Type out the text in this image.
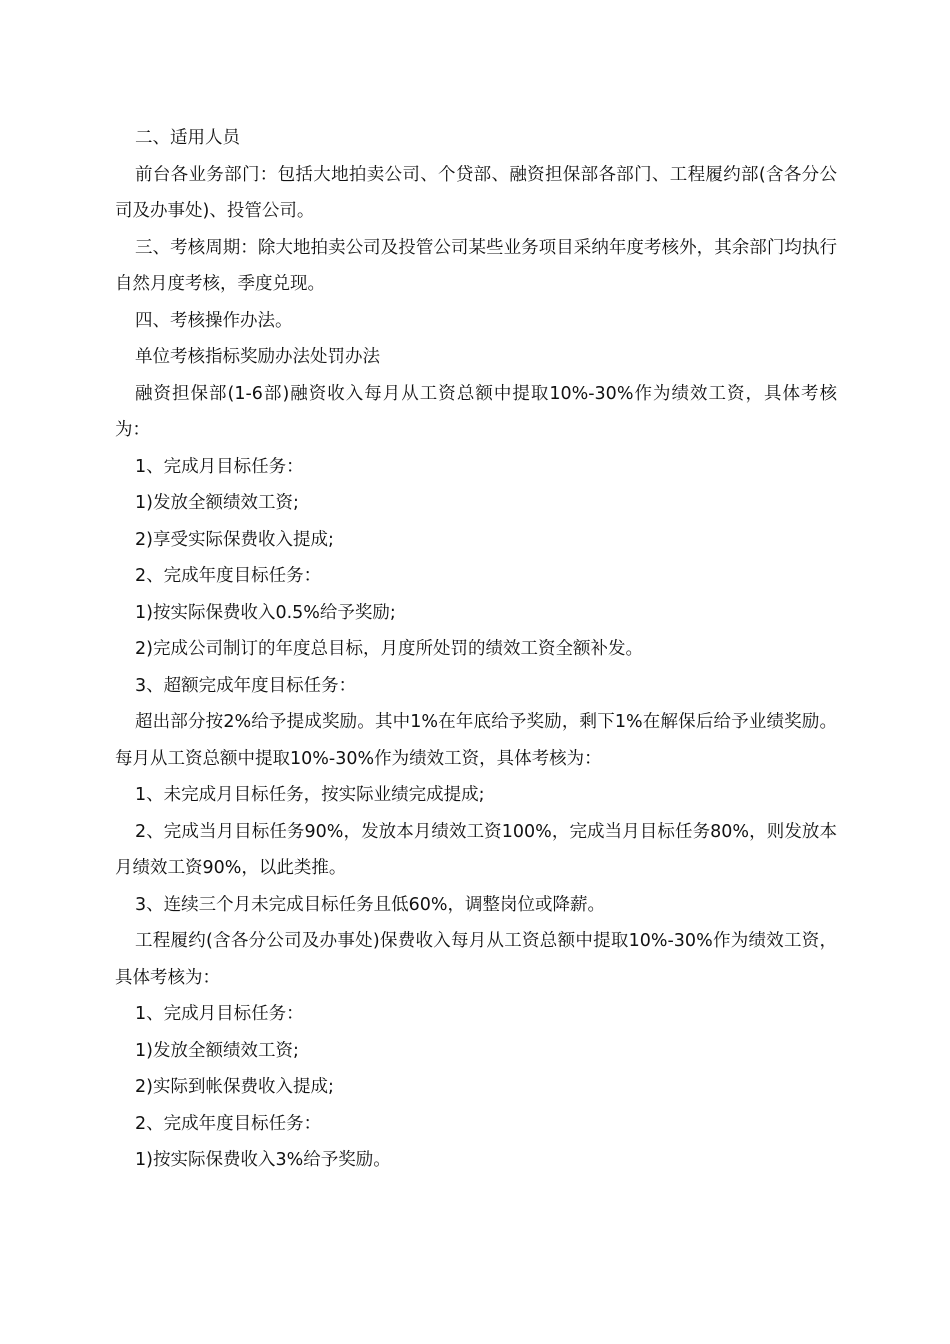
二、适用人员

前台各业务部门：包括大地拍卖公司、个贷部、融资担保部各部门、工程履约部(含各分公司及办事处)、投管公司。

三、考核周期：除大地拍卖公司及投管公司某些业务项目采纳年度考核外，其余部门均执行自然月度考核，季度兑现。

四、考核操作办法。

单位考核指标奖励办法处罚办法

融资担保部(1-6部)融资收入每月从工资总额中提取10%-30%作为绩效工资，具体考核为：

1、完成月目标任务：

1)发放全额绩效工资;

2)享受实际保费收入提成;

2、完成年度目标任务：

1)按实际保费收入0.5%给予奖励;

2)完成公司制订的年度总目标，月度所处罚的绩效工资全额补发。

3、超额完成年度目标任务：

超出部分按2%给予提成奖励。其中1%在年底给予奖励，剩下1%在解保后给予业绩奖励。每月从工资总额中提取10%-30%作为绩效工资，具体考核为：

1、未完成月目标任务，按实际业绩完成提成;

2、完成当月目标任务90%，发放本月绩效工资100%，完成当月目标任务80%，则发放本月绩效工资90%，以此类推。

3、连续三个月未完成目标任务且低60%，调整岗位或降薪。

工程履约(含各分公司及办事处)保费收入每月从工资总额中提取10%-30%作为绩效工资，具体考核为：

1、完成月目标任务：

1)发放全额绩效工资;

2)实际到帐保费收入提成;

2、完成年度目标任务：

1)按实际保费收入3%给予奖励。
